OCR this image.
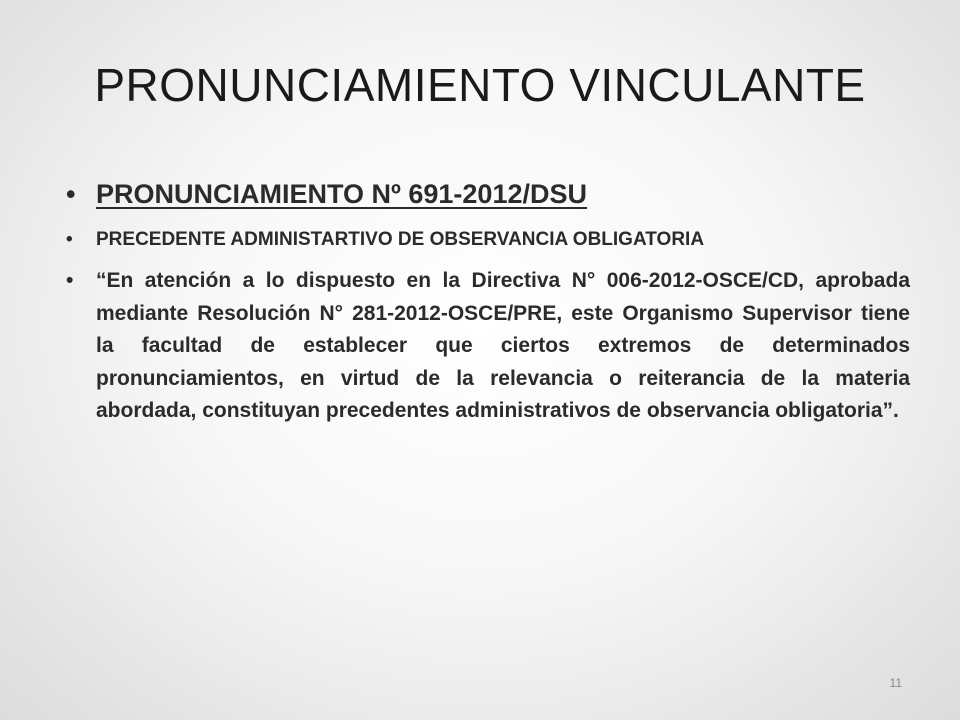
PRONUNCIAMIENTO VINCULANTE
• PRONUNCIAMIENTO Nº 691-2012/DSU
• PRECEDENTE ADMINISTARTIVO DE OBSERVANCIA OBLIGATORIA
• “En atención a lo dispuesto en la Directiva N° 006-2012-OSCE/CD, aprobada mediante Resolución N° 281-2012-OSCE/PRE, este Organismo Supervisor tiene la facultad de establecer que ciertos extremos de determinados pronunciamientos, en virtud de la relevancia o reiterancia de la materia abordada, constituyan precedentes administrativos de observancia obligatoria”.
11
